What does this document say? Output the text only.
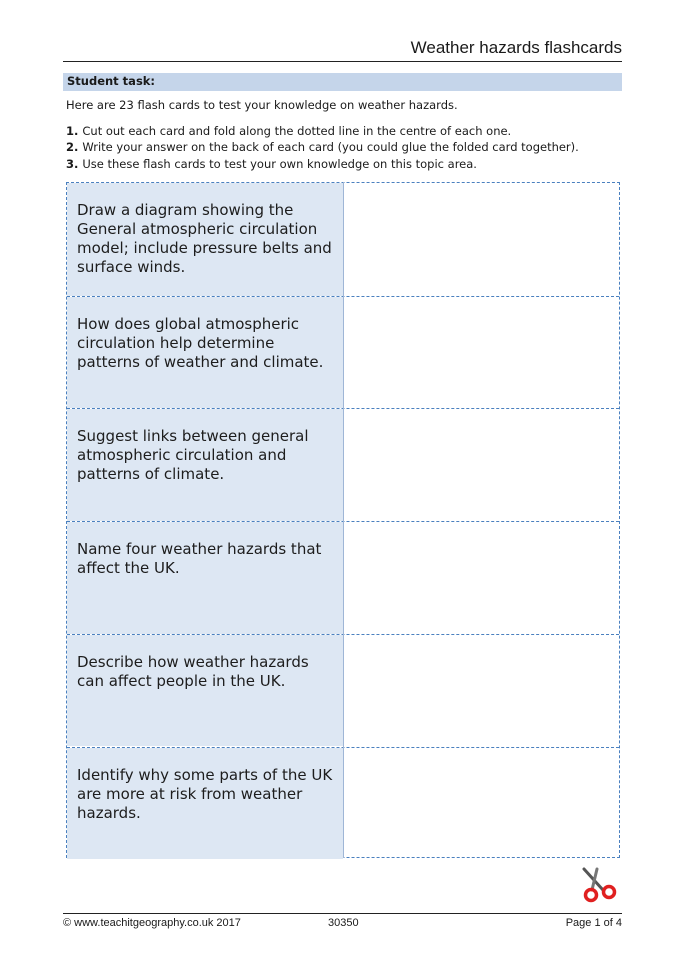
Weather hazards flashcards
Student task:
Here are 23 flash cards to test your knowledge on weather hazards.
1. Cut out each card and fold along the dotted line in the centre of each one.
2. Write your answer on the back of each card (you could glue the folded card together).
3. Use these flash cards to test your own knowledge on this topic area.
Draw a diagram showing the General atmospheric circulation model; include pressure belts and surface winds.
How does global atmospheric circulation help determine patterns of weather and climate.
Suggest links between general atmospheric circulation and patterns of climate.
Name four weather hazards that affect the UK.
Describe how weather hazards can affect people in the UK.
Identify why some parts of the UK are more at risk from weather hazards.
© www.teachitgeography.co.uk 2017	30350	Page 1 of 4
